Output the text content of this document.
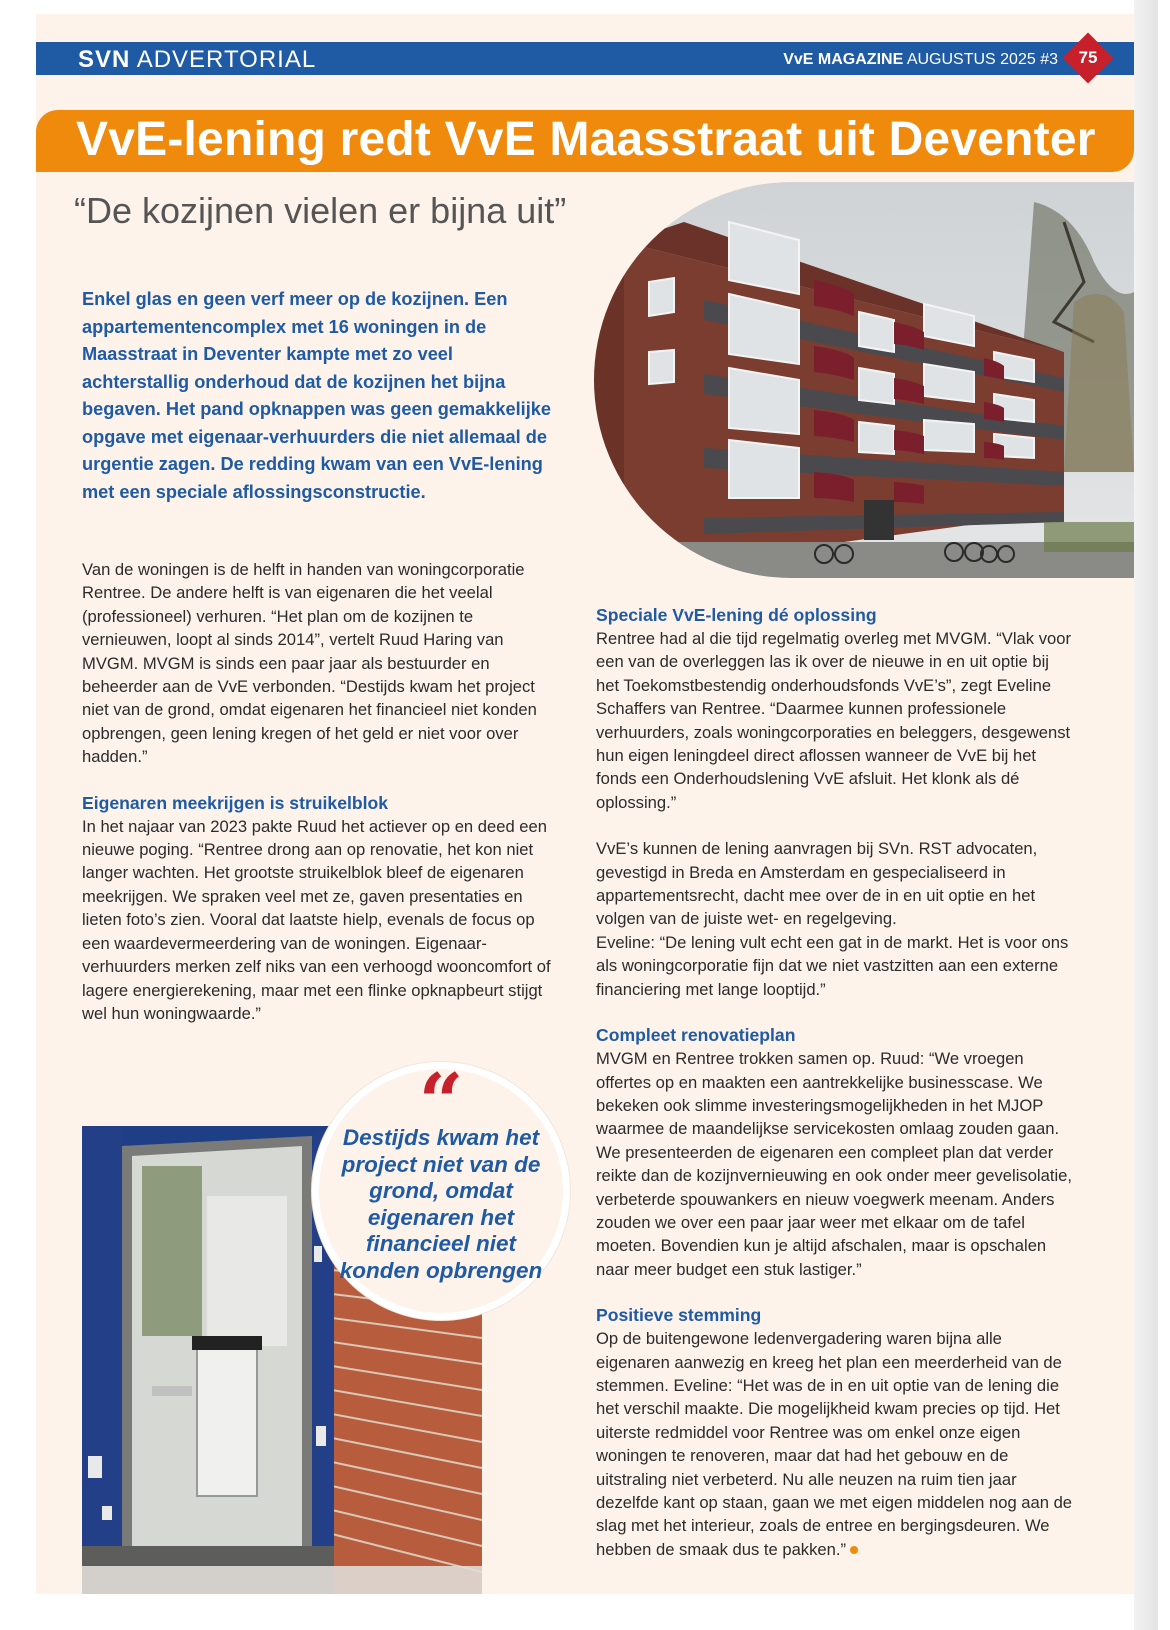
SVN ADVERTORIAL	VvE MAGAZINE AUGUSTUS 2025 #3	75
VvE-lening redt VvE Maasstraat uit Deventer
“De kozijnen vielen er bijna uit”
Enkel glas en geen verf meer op de kozijnen. Een appartementencomplex met 16 woningen in de Maasstraat in Deventer kampte met zo veel achterstallig onderhoud dat de kozijnen het bijna begaven. Het pand opknappen was geen gemakkelijke opgave met eigenaar-verhuurders die niet allemaal de urgentie zagen. De redding kwam van een VvE-lening met een speciale aflossingsconstructie.

Van de woningen is de helft in handen van woningcorporatie Rentree. De andere helft is van eigenaren die het veelal (professioneel) verhuren. “Het plan om de kozijnen te vernieuwen, loopt al sinds 2014”, vertelt Ruud Haring van MVGM. MVGM is sinds een paar jaar als bestuurder en beheerder aan de VvE verbonden. “Destijds kwam het project niet van de grond, omdat eigenaren het financieel niet konden opbrengen, geen lening kregen of het geld er niet voor over hadden.”

Eigenaren meekrijgen is struikelblok

In het najaar van 2023 pakte Ruud het actiever op en deed een nieuwe poging. “Rentree drong aan op renovatie, het kon niet langer wachten. Het grootste struikelblok bleef de eigenaren meekrijgen. We spraken veel met ze, gaven presentaties en lieten foto’s zien. Vooral dat laatste hielp, evenals de focus op een waardevermeerdering van de woningen. Eigenaar-verhuurders merken zelf niks van een verhoogd wooncomfort of lagere energierekening, maar met een flinke opknapbeurt stijgt wel hun woningwaarde.”

Speciale VvE-lening dé oplossing

Rentree had al die tijd regelmatig overleg met MVGM. “Vlak voor een van de overleggen las ik over de nieuwe in en uit optie bij het Toekomstbestendig onderhoudsfonds VvE’s”, zegt Eveline Schaffers van Rentree. “Daarmee kunnen professionele verhuurders, zoals woningcorporaties en beleggers, desgewenst hun eigen leningdeel direct aflossen wanneer de VvE bij het fonds een Onderhoudslening VvE afsluit. Het klonk als dé oplossing.”

VvE’s kunnen de lening aanvragen bij SVn. RST advocaten, gevestigd in Breda en Amsterdam en gespecialiseerd in appartementsrecht, dacht mee over de in en uit optie en het volgen van de juiste wet- en regelgeving.

Eveline: “De lening vult echt een gat in de markt. Het is voor ons als woningcorporatie fijn dat we niet vastzitten aan een externe financiering met lange looptijd.”

Compleet renovatieplan

MVGM en Rentree trokken samen op. Ruud: “We vroegen offertes op en maakten een aantrekkelijke businesscase. We bekeken ook slimme investeringsmogelijkheden in het MJOP waarmee de maandelijkse servicekosten omlaag zouden gaan. We presenteerden de eigenaren een compleet plan dat verder reikte dan de kozijnvernieuwing en ook onder meer gevelisolatie, verbeterde spouwankers en nieuw voegwerk meenam. Anders zouden we over een paar jaar weer met elkaar om de tafel moeten. Bovendien kun je altijd afschalen, maar is opschalen naar meer budget een stuk lastiger.”

Positieve stemming

Op de buitengewone ledenvergadering waren bijna alle eigenaren aanwezig en kreeg het plan een meerderheid van de stemmen. Eveline: “Het was de in en uit optie van de lening die het verschil maakte. Die mogelijkheid kwam precies op tijd. Het uiterste redmiddel voor Rentree was om enkel onze eigen woningen te renoveren, maar dat had het gebouw en de uitstraling niet verbeterd. Nu alle neuzen na ruim tien jaar dezelfde kant op staan, gaan we met eigen middelen nog aan de slag met het interieur, zoals de entree en bergingsdeuren. We hebben de smaak dus te pakken.”

“
Destijds kwam het project niet van de grond, omdat eigenaren het financieel niet konden opbrengen
